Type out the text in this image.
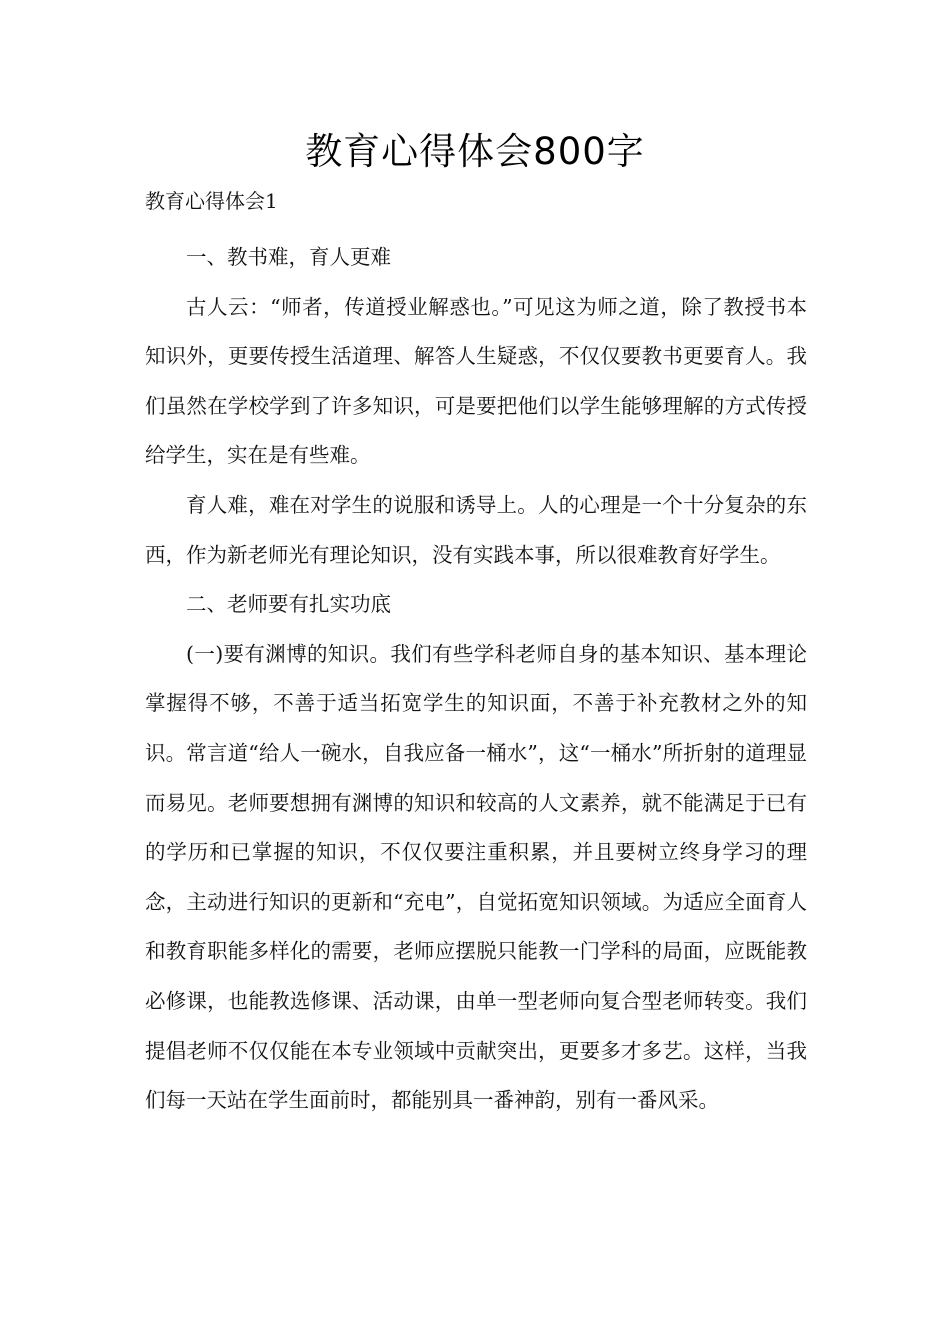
教育心得体会800字
教育心得体会1

一、教书难，育人更难

古人云：“师者，传道授业解惑也。”可见这为师之道，除了教授书本知识外，更要传授生活道理、解答人生疑惑，不仅仅要教书更要育人。我们虽然在学校学到了许多知识，可是要把他们以学生能够理解的方式传授给学生，实在是有些难。

育人难，难在对学生的说服和诱导上。人的心理是一个十分复杂的东西，作为新老师光有理论知识，没有实践本事，所以很难教育好学生。

二、老师要有扎实功底

(一)要有渊博的知识。我们有些学科老师自身的基本知识、基本理论掌握得不够，不善于适当拓宽学生的知识面，不善于补充教材之外的知识。常言道“给人一碗水，自我应备一桶水”，这“一桶水”所折射的道理显而易见。老师要想拥有渊博的知识和较高的人文素养，就不能满足于已有的学历和已掌握的知识，不仅仅要注重积累，并且要树立终身学习的理念，主动进行知识的更新和“充电”，自觉拓宽知识领域。为适应全面育人和教育职能多样化的需要，老师应摆脱只能教一门学科的局面，应既能教必修课，也能教选修课、活动课，由单一型老师向复合型老师转变。我们提倡老师不仅仅能在本专业领域中贡献突出，更要多才多艺。这样，当我们每一天站在学生面前时，都能别具一番神韵，别有一番风采。
